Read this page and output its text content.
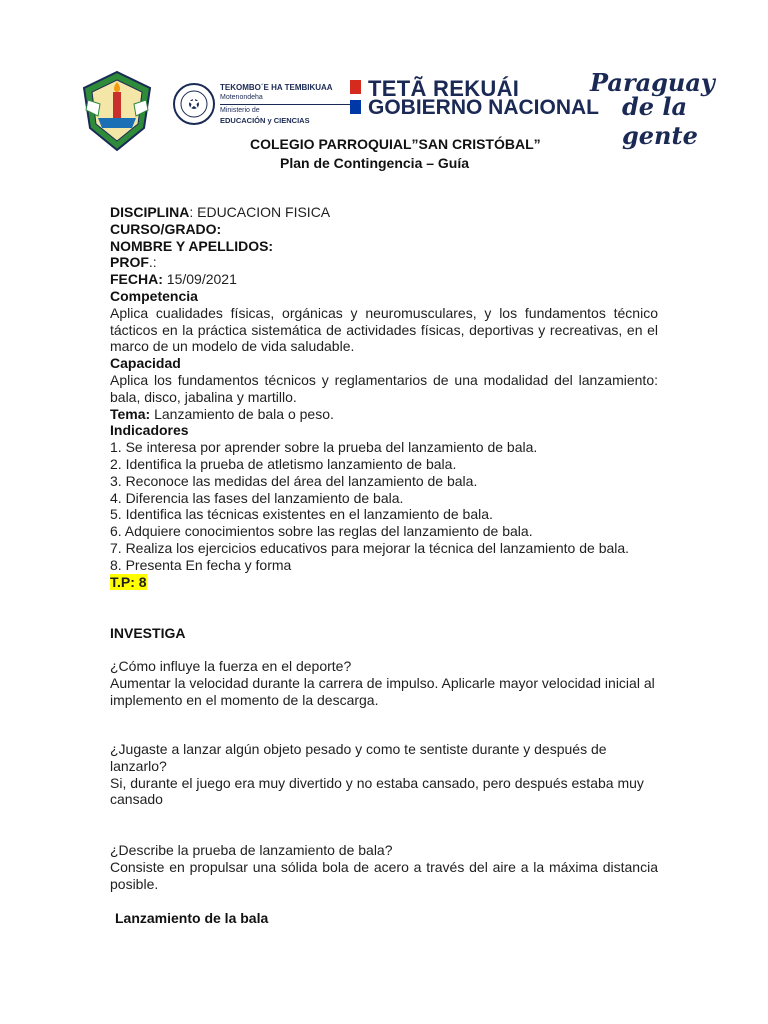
TEKOMBO´E HA TEMBIKUAA
Motenondeha
Ministerio de
EDUCACIÓN y CIENCIAS
TETÃ REKUÁI
GOBIERNO NACIONAL
Paraguay
de la gente
COLEGIO PARROQUIAL”SAN CRISTÓBAL”
Plan de Contingencia – Guía
DISCIPLINA: EDUCACION FISICA
CURSO/GRADO:
NOMBRE Y APELLIDOS:
PROF.:
FECHA: 15/09/2021
Competencia
Aplica cualidades físicas, orgánicas y neuromusculares, y los fundamentos técnico tácticos en la práctica sistemática de actividades físicas, deportivas y recreativas, en el marco de un modelo de vida saludable.
Capacidad
Aplica los fundamentos técnicos y reglamentarios de una modalidad del lanzamiento: bala, disco, jabalina y martillo.
Tema: Lanzamiento de bala o peso.
Indicadores
1. Se interesa por aprender sobre la prueba del lanzamiento de bala.
2. Identifica la prueba de atletismo lanzamiento de bala.
3. Reconoce las medidas del área del lanzamiento de bala.
4. Diferencia las fases del lanzamiento de bala.
5. Identifica las técnicas existentes en el lanzamiento de bala.
6. Adquiere conocimientos sobre las reglas del lanzamiento de bala.
7. Realiza los ejercicios educativos para mejorar la técnica del lanzamiento de bala.
8. Presenta En fecha y forma
T.P: 8
INVESTIGA
¿Cómo influye la fuerza en el deporte?
Aumentar la velocidad durante la carrera de impulso. Aplicarle mayor velocidad inicial al implemento en el momento de la descarga.
¿Jugaste a lanzar algún objeto pesado y como te sentiste durante y después de lanzarlo?
Si, durante el juego era muy divertido y no estaba cansado, pero después estaba muy cansado
¿Describe la prueba de lanzamiento de bala?
Consiste en propulsar una sólida bola de acero a través del aire a la máxima distancia posible.
Lanzamiento de la bala
